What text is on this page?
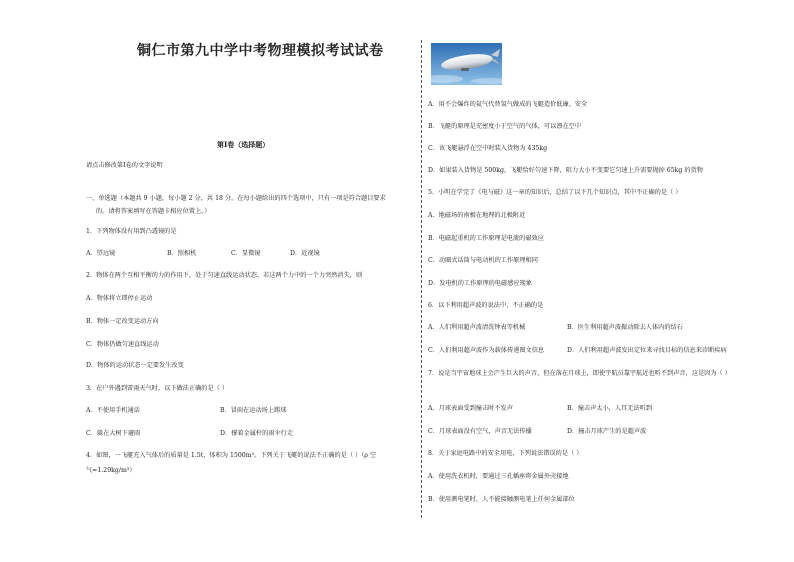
铜仁市第九中学中考物理模拟考试试卷
第Ⅰ卷（选择题）
请点击修改第Ⅰ卷的文字说明
一、单选题（本题共 9 小题，每小题 2 分，共 18 分。在每小题给出的四个选项中，只有一项是符合题目要求
的。请将答案填写在答题卡相应位置上。）
1．下列物体没有用到凸透镜的是
A．望远镜	B．照相机	C．显微镜	D．近视镜
2．物体在两个互相平衡的力的作用下，处于匀速直线运动状态，若这两个力中的一个力突然消失，则
A．物体将立即停止运动
B．物体一定改变运动方向
C．物体仍做匀速直线运动
D．物体的运动状态一定要发生改变
3．在户外遇到雷雨天气时，以下做法正确的是（ ）
A．不使用手机通话	B．冒雨在运动场上踢球
C．躲在大树下避雨	D．撑着金属杆的雨伞行走
4．如图，一飞艇充入气体后的质量是 1.5t，体积为 1500m³。下列关于飞艇的说法不正确的是（ ）（ρ 空
气=1.29kg/m³）
A．用不会爆炸的氦气代替氢气做成的飞艇造价低廉、安全
B．飞艇的原理是充密度小于空气的气体，可以漂在空中
C．该飞艇悬浮在空中时装入货物为 435kg
D．如果装入货物是 500kg，飞艇恰好匀速下降，阻力大小不变要它匀速上升需要抛掉 65kg 的货物
5．小明在学完了《电与磁》这一章的知识后，总结了以下几个知识点，其中不正确的是（ ）
A．地磁场的南极在地理的北极附近
B．电磁起重机的工作原理是电流的磁效应
C．动圈式话筒与电动机的工作原理相同
D．发电机的工作原理的电磁感应现象
6．以下利用超声波的说法中，不正确的是
A．人们利用超声波清洗钟表等机械	B．医生利用超声波振动除去人体内的结石
C．人们利用超声波作为载体传递图文信息	D．人们利用超声波发出定位来寻找目标的信息来诊断疾病
7．说是当宇宙地球上会产生巨大的声音，但在落在月球上，即使宇航员靠宇航近也听不到声音，这是因为（ ）
A．月球表面受到撞击时不发声	B．撞击声太小，人耳无法听到
C．月球表面没有空气，声音无法传播	D．撞击月球产生的是超声波
8．关于家庭电路中的安全用电，下列说法错误的是（ ）
A．使用洗衣机时，要通过三孔插座将金属外壳接地
B．使用测电笔时，人不能接触测电笔上任何金属部位
